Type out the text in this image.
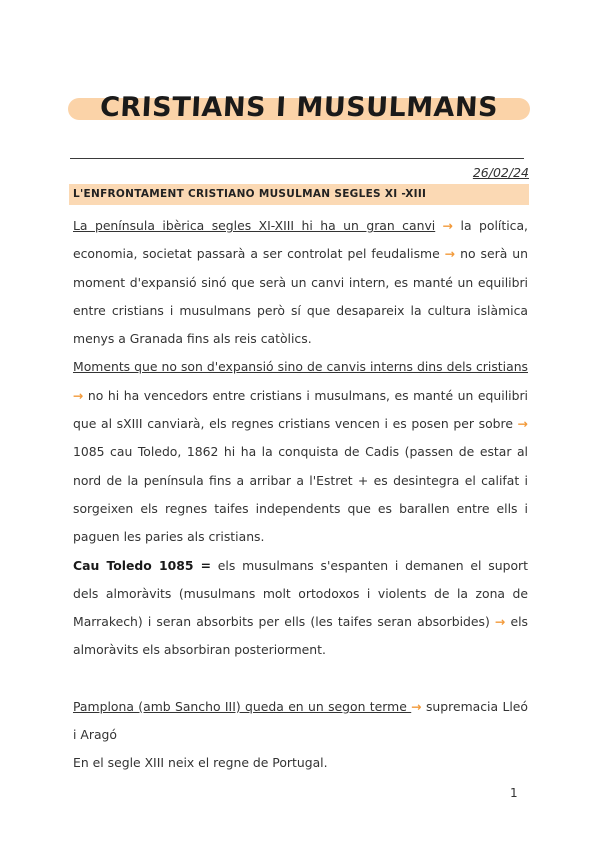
CRISTIANS I MUSULMANS
26/02/24
L'ENFRONTAMENT CRISTIANO MUSULMAN SEGLES XI -XIII

La península ibèrica segles XI-XIII hi ha un gran canvi → la política, economia, societat passarà a ser controlat pel feudalisme → no serà un moment d'expansió sinó que serà un canvi intern, es manté un equilibri entre cristians i musulmans però sí que desapareix la cultura islàmica menys a Granada fins als reis catòlics.

Moments que no son d'expansió sino de canvis interns dins dels cristians → no hi ha vencedors entre cristians i musulmans, es manté un equilibri que al sXIII canviarà, els regnes cristians vencen i es posen per sobre → 1085 cau Toledo, 1862 hi ha la conquista de Cadis (passen de estar al nord de la península fins a arribar a l'Estret + es desintegra el califat i sorgeixen els regnes taifes independents que es barallen entre ells i paguen les paries als cristians.

Cau Toledo 1085 = els musulmans s'espanten i demanen el suport dels almoràvits (musulmans molt ortodoxos i violents de la zona de Marrakech) i seran absorbits per ells (les taifes seran absorbides) → els almoràvits els absorbiran posteriorment.

Pamplona (amb Sancho III) queda en un segon terme → supremacia Lleó i Aragó

En el segle XIII neix el regne de Portugal.

1
